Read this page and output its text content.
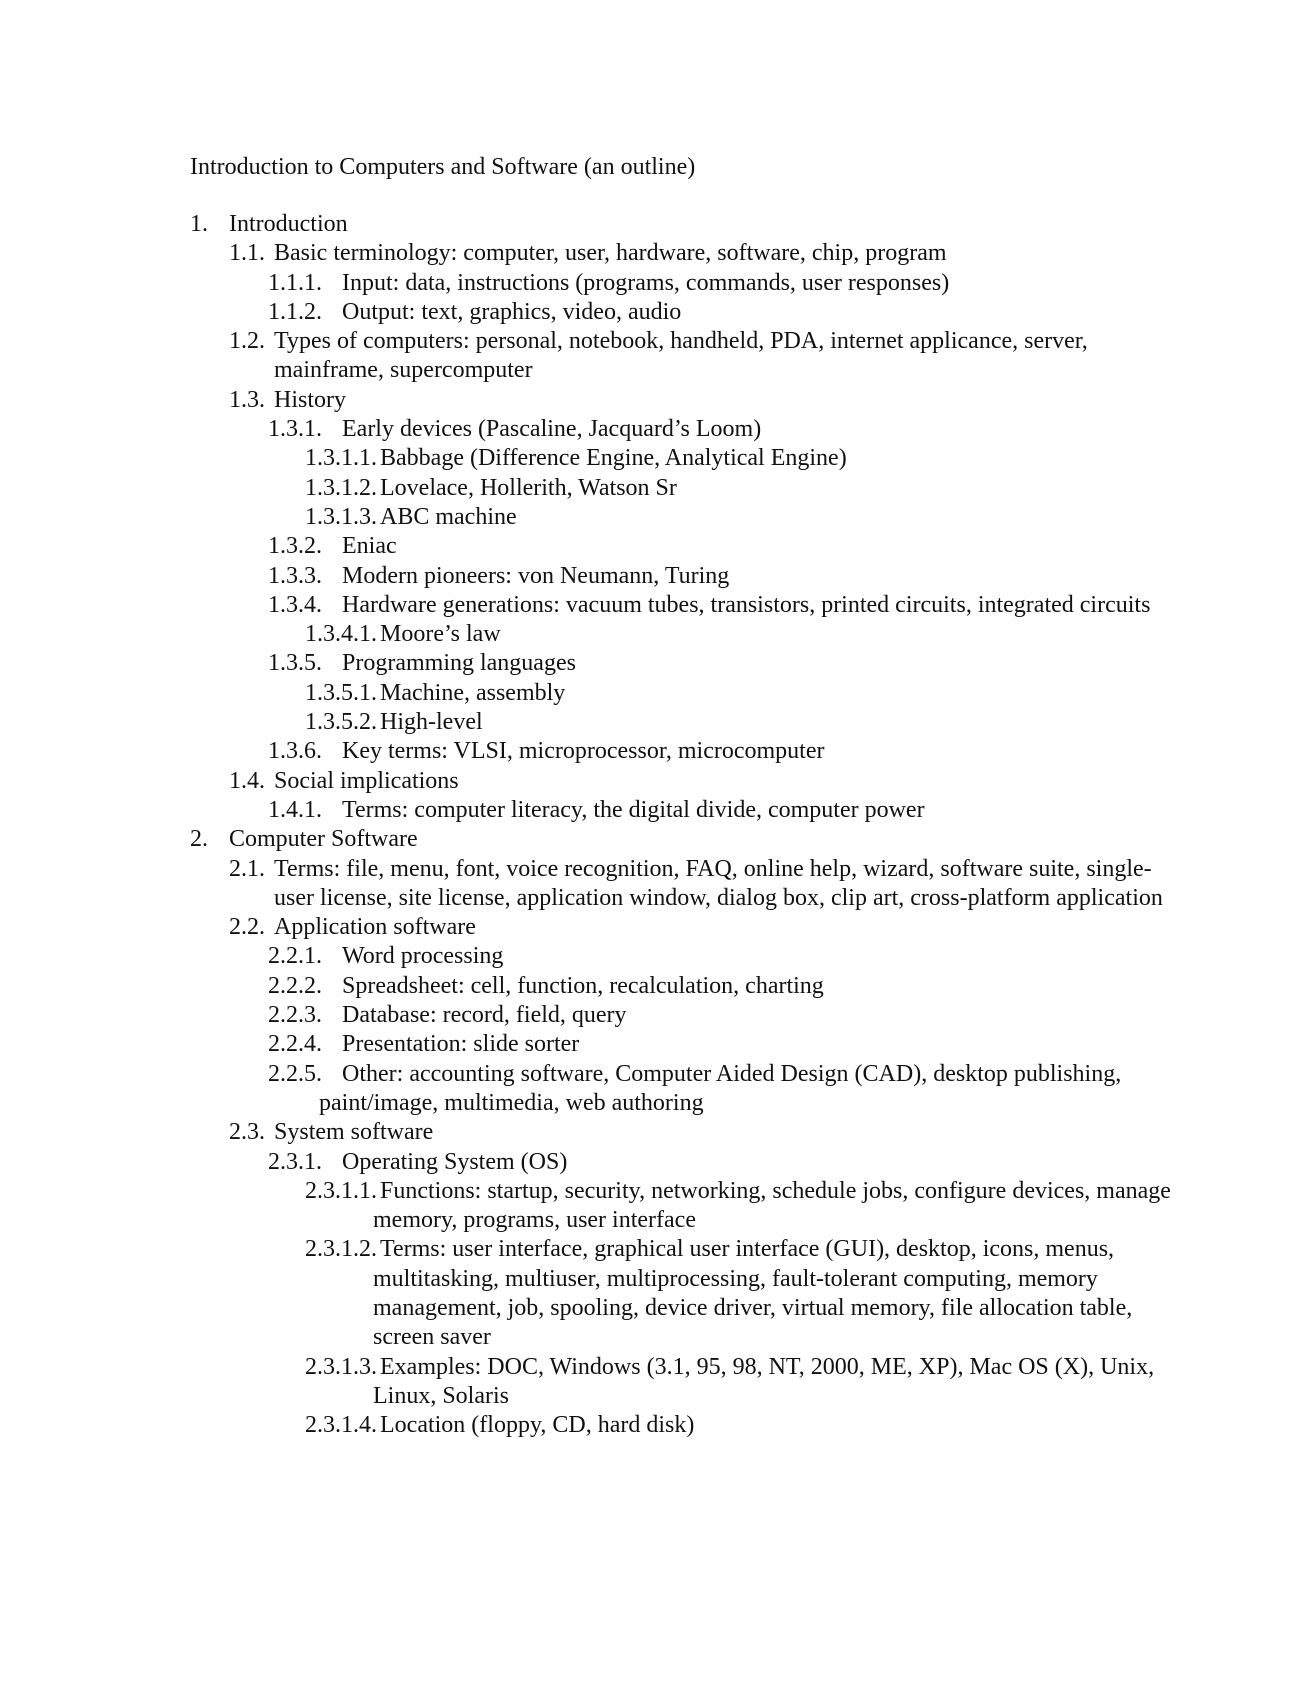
Introduction to Computers and Software (an outline)
1. Introduction
1.1. Basic terminology: computer, user, hardware, software, chip, program
1.1.1. Input: data, instructions (programs, commands, user responses)
1.1.2. Output: text, graphics, video, audio
1.2. Types of computers: personal, notebook, handheld, PDA, internet applicance, server, mainframe, supercomputer
1.3. History
1.3.1. Early devices (Pascaline, Jacquard’s Loom)
1.3.1.1. Babbage (Difference Engine, Analytical Engine)
1.3.1.2. Lovelace, Hollerith, Watson Sr
1.3.1.3. ABC machine
1.3.2. Eniac
1.3.3. Modern pioneers: von Neumann, Turing
1.3.4. Hardware generations: vacuum tubes, transistors, printed circuits, integrated circuits
1.3.4.1. Moore’s law
1.3.5. Programming languages
1.3.5.1. Machine, assembly
1.3.5.2. High-level
1.3.6. Key terms: VLSI, microprocessor, microcomputer
1.4. Social implications
1.4.1. Terms: computer literacy, the digital divide, computer power
2. Computer Software
2.1. Terms: file, menu, font, voice recognition, FAQ, online help, wizard, software suite, single-user license, site license, application window, dialog box, clip art, cross-platform application
2.2. Application software
2.2.1. Word processing
2.2.2. Spreadsheet: cell, function, recalculation, charting
2.2.3. Database: record, field, query
2.2.4. Presentation: slide sorter
2.2.5. Other: accounting software, Computer Aided Design (CAD), desktop publishing, paint/image, multimedia, web authoring
2.3. System software
2.3.1. Operating System (OS)
2.3.1.1. Functions: startup, security, networking, schedule jobs, configure devices, manage memory, programs, user interface
2.3.1.2. Terms: user interface, graphical user interface (GUI), desktop, icons, menus, multitasking, multiuser, multiprocessing, fault-tolerant computing, memory management, job, spooling, device driver, virtual memory, file allocation table, screen saver
2.3.1.3. Examples: DOC, Windows (3.1, 95, 98, NT, 2000, ME, XP), Mac OS (X), Unix, Linux, Solaris
2.3.1.4. Location (floppy, CD, hard disk)
